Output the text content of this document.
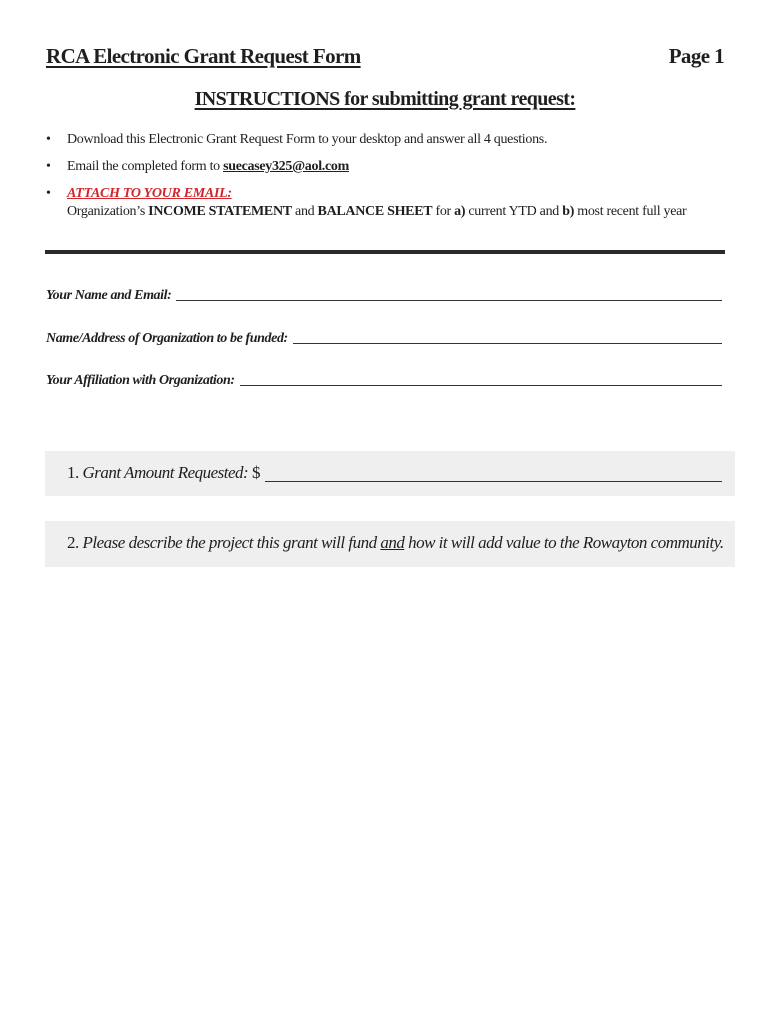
RCA Electronic Grant Request Form	Page 1
INSTRUCTIONS for submitting grant request:
• Download this Electronic Grant Request Form to your desktop and answer all 4 questions.
• Email the completed form to suecasey325@aol.com
• ATTACH TO YOUR EMAIL:
Organization’s INCOME STATEMENT and BALANCE SHEET for a) current YTD and b) most recent full year
Your Name and Email:
Name/Address of Organization to be funded:
Your Affiliation with Organization:
1. Grant Amount Requested: $
2. Please describe the project this grant will fund and how it will add value to the Rowayton community.
